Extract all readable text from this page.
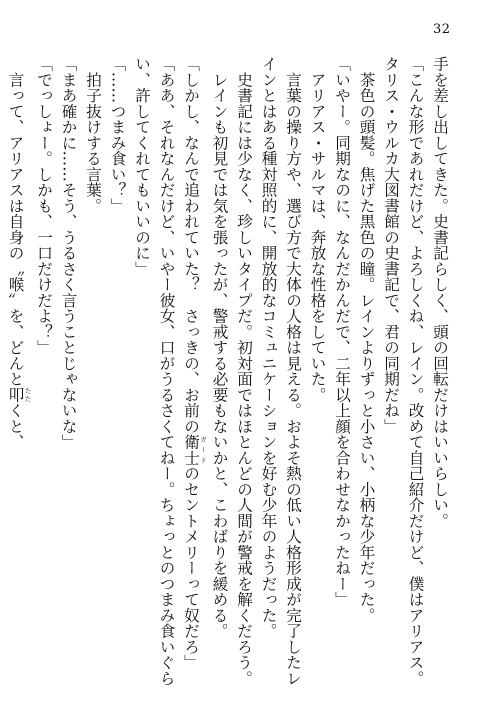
32
手を差し出してきた。史書記らしく、頭の回転だけはいいらしい。
「こんな形であれだけど、よろしくね、レイン。改めて自己紹介だけど、僕はアリアス。
タリス・ウルカ大図書館の史書記で、君の同期だね」
　茶色の頭髪。焦げた黒色の瞳。レインよりずっと小さい、小柄な少年だった。
「いやー。同期なのに、なんだかんだで、二年以上顔を合わせなかったねー」
　アリアス・サルマは、奔放な性格をしていた。
　言葉の操り方や、選び方で大体の人格は見える。およそ熱の低い人格形成が完了したレ
インとはある種対照的に、開放的なコミュニケーションを好む少年のようだった。
　史書記には少なく、珍しいタイプだ。初対面ではほとんどの人間が警戒を解くだろう。
　レインも初見では気を張ったが、警戒する必要もないかと、こわばりを緩める。
「しかし、なんで追われていた？　さっきの、お前の衛士 ガードのセントメリーって奴だろ」
「ああ、それなんだけど、いやー彼女、口がうるさくてねー。ちょっとのつまみ食いぐら
い、許してくれてもいいのに」
「……つまみ食い？」
　拍子抜けする言葉。
「まあ確かに……そう、うるさく言うことじゃないな」
「でっしょー。しかも、一口だけだよ？」
　言って、アリアスは自身の〝喉〟を、どんと叩 たたくと、
